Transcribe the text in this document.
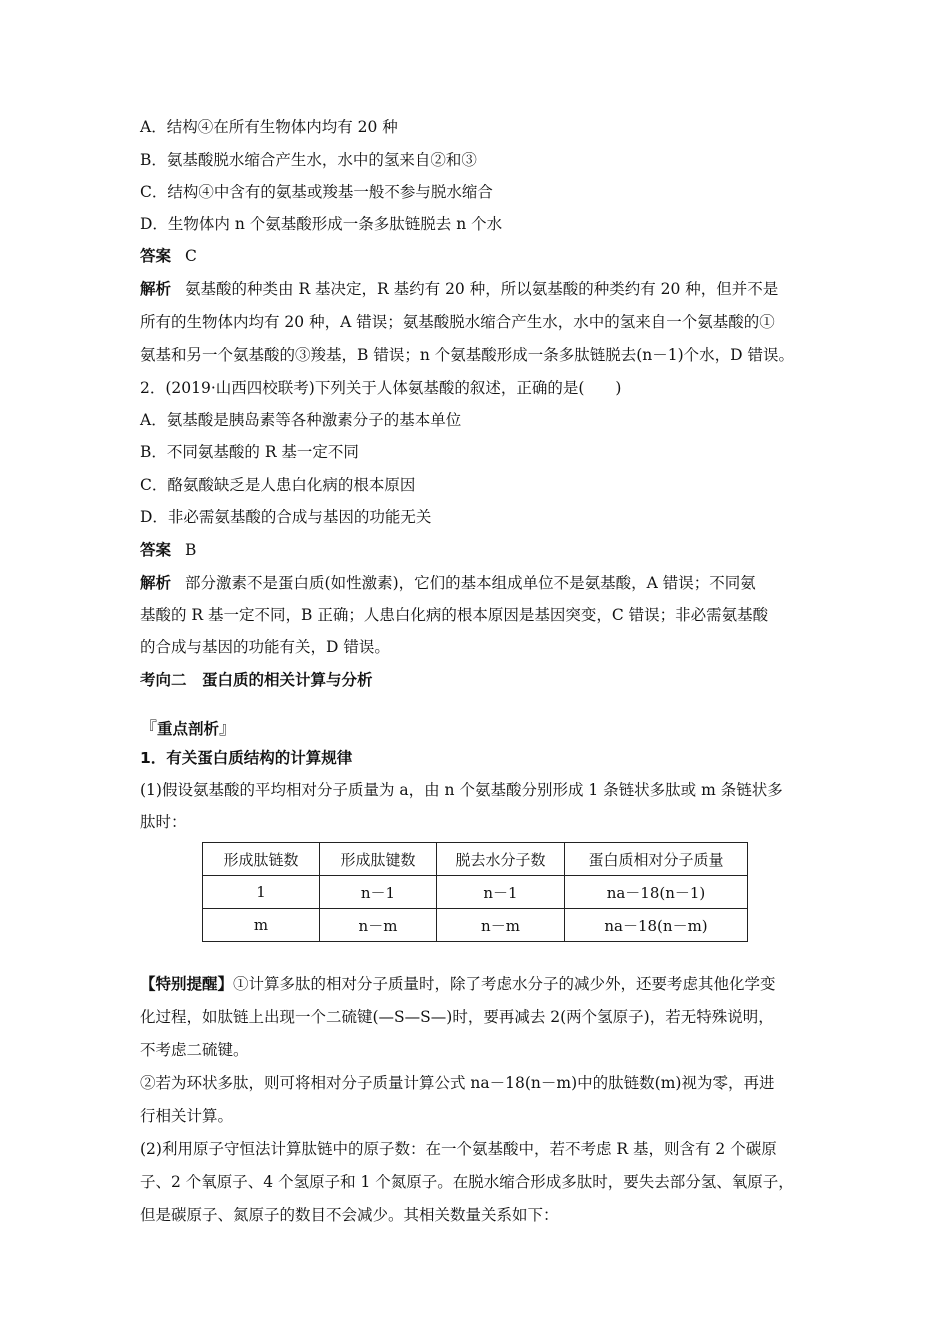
A．结构④在所有生物体内均有 20 种
B．氨基酸脱水缩合产生水，水中的氢来自②和③
C．结构④中含有的氨基或羧基一般不参与脱水缩合
D．生物体内 n 个氨基酸形成一条多肽链脱去 n 个水
答案 C
解析 氨基酸的种类由 R 基决定，R 基约有 20 种，所以氨基酸的种类约有 20 种，但并不是
所有的生物体内均有 20 种，A 错误；氨基酸脱水缩合产生水，水中的氢来自一个氨基酸的①
氨基和另一个氨基酸的③羧基，B 错误；n 个氨基酸形成一条多肽链脱去(n－1)个水，D 错误。
2．(2019·山西四校联考)下列关于人体氨基酸的叙述，正确的是(　　)
A．氨基酸是胰岛素等各种激素分子的基本单位
B．不同氨基酸的 R 基一定不同
C．酪氨酸缺乏是人患白化病的根本原因
D．非必需氨基酸的合成与基因的功能无关
答案 B
解析 部分激素不是蛋白质(如性激素)，它们的基本组成单位不是氨基酸，A 错误；不同氨
基酸的 R 基一定不同，B 正确；人患白化病的根本原因是基因突变，C 错误；非必需氨基酸
的合成与基因的功能有关，D 错误。
考向二　蛋白质的相关计算与分析
『重点剖析』
1．有关蛋白质结构的计算规律
(1)假设氨基酸的平均相对分子质量为 a，由 n 个氨基酸分别形成 1 条链状多肽或 m 条链状多
肽时：
形成肽链数	形成肽键数	脱去水分子数	蛋白质相对分子质量
1	n－1	n－1	na－18(n－1)
m	n－m	n－m	na－18(n－m)
【特别提醒】①计算多肽的相对分子质量时，除了考虑水分子的减少外，还要考虑其他化学变
化过程，如肽链上出现一个二硫键(—S—S—)时，要再减去 2(两个氢原子)，若无特殊说明，
不考虑二硫键。
②若为环状多肽，则可将相对分子质量计算公式 na－18(n－m)中的肽链数(m)视为零，再进
行相关计算。
(2)利用原子守恒法计算肽链中的原子数：在一个氨基酸中，若不考虑 R 基，则含有 2 个碳原
子、2 个氧原子、4 个氢原子和 1 个氮原子。在脱水缩合形成多肽时，要失去部分氢、氧原子，
但是碳原子、氮原子的数目不会减少。其相关数量关系如下：
